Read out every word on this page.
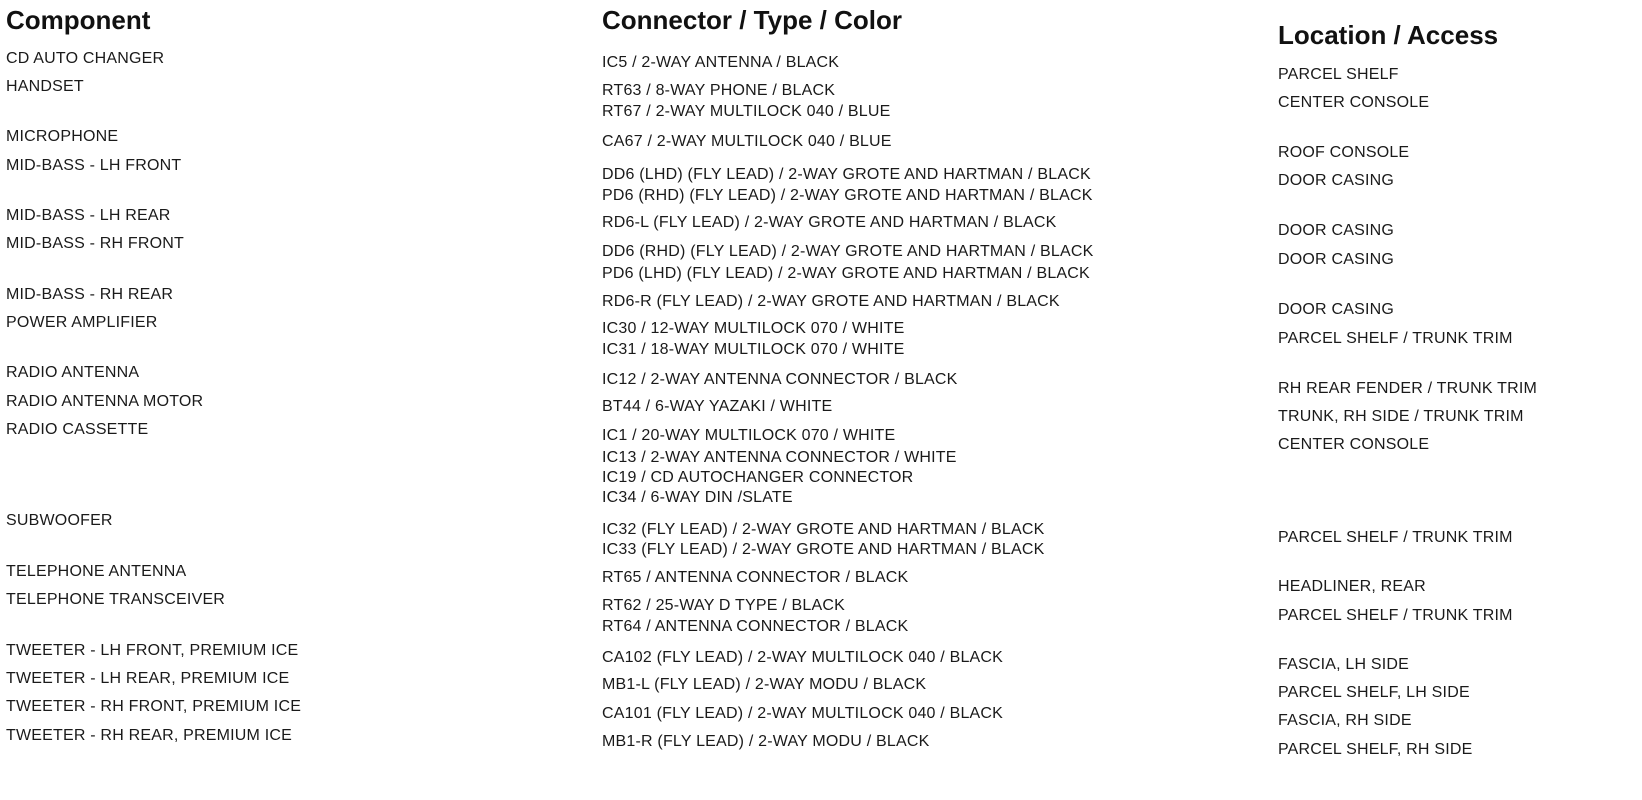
Component	Connector / Type / Color	Location / Access
CD AUTO CHANGER
HANDSET
MICROPHONE
MID-BASS - LH FRONT
MID-BASS - LH REAR
MID-BASS - RH FRONT
MID-BASS - RH REAR
POWER AMPLIFIER
RADIO ANTENNA
RADIO ANTENNA MOTOR
RADIO CASSETTE
SUBWOOFER
TELEPHONE ANTENNA
TELEPHONE TRANSCEIVER
TWEETER - LH FRONT, PREMIUM ICE
TWEETER - LH REAR, PREMIUM ICE
TWEETER - RH FRONT, PREMIUM ICE
TWEETER - RH REAR, PREMIUM ICE
IC5 / 2-WAY ANTENNA / BLACK
RT63 / 8-WAY PHONE / BLACK
RT67 / 2-WAY MULTILOCK 040 / BLUE
CA67 / 2-WAY MULTILOCK 040 / BLUE
DD6 (LHD) (FLY LEAD) / 2-WAY GROTE AND HARTMAN / BLACK
PD6 (RHD) (FLY LEAD) / 2-WAY GROTE AND HARTMAN / BLACK
RD6-L (FLY LEAD) / 2-WAY GROTE AND HARTMAN / BLACK
DD6 (RHD) (FLY LEAD) / 2-WAY GROTE AND HARTMAN / BLACK
PD6 (LHD) (FLY LEAD) / 2-WAY GROTE AND HARTMAN / BLACK
RD6-R (FLY LEAD) / 2-WAY GROTE AND HARTMAN / BLACK
IC30 / 12-WAY MULTILOCK 070 / WHITE
IC31 / 18-WAY MULTILOCK 070 / WHITE
IC12 / 2-WAY ANTENNA CONNECTOR / BLACK
BT44 / 6-WAY YAZAKI / WHITE
IC1 / 20-WAY MULTILOCK 070 / WHITE
IC13 / 2-WAY ANTENNA CONNECTOR / WHITE
IC19 / CD AUTOCHANGER CONNECTOR
IC34 / 6-WAY DIN /SLATE
IC32 (FLY LEAD) / 2-WAY GROTE AND HARTMAN / BLACK
IC33 (FLY LEAD) / 2-WAY GROTE AND HARTMAN / BLACK
RT65 / ANTENNA CONNECTOR / BLACK
RT62 / 25-WAY D TYPE / BLACK
RT64 / ANTENNA CONNECTOR / BLACK
CA102 (FLY LEAD) / 2-WAY MULTILOCK 040 / BLACK
MB1-L (FLY LEAD) / 2-WAY MODU / BLACK
CA101 (FLY LEAD) / 2-WAY MULTILOCK 040 / BLACK
MB1-R (FLY LEAD) / 2-WAY MODU / BLACK
PARCEL SHELF
CENTER CONSOLE
ROOF CONSOLE
DOOR CASING
DOOR CASING
DOOR CASING
DOOR CASING
PARCEL SHELF / TRUNK TRIM
RH REAR FENDER / TRUNK TRIM
TRUNK, RH SIDE / TRUNK TRIM
CENTER CONSOLE
PARCEL SHELF / TRUNK TRIM
HEADLINER, REAR
PARCEL SHELF / TRUNK TRIM
FASCIA, LH SIDE
PARCEL SHELF, LH SIDE
FASCIA, RH SIDE
PARCEL SHELF, RH SIDE
